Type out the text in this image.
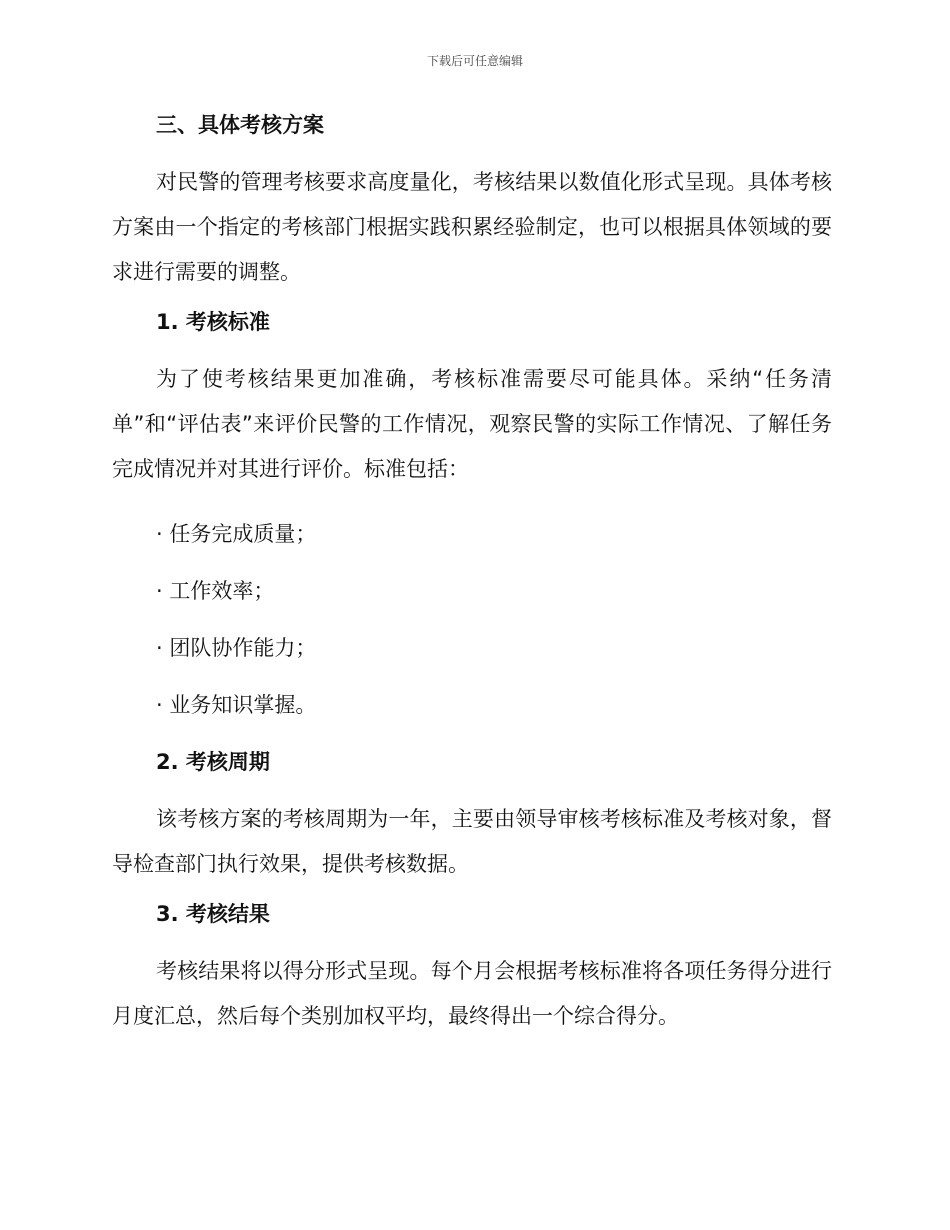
下载后可任意编辑
三、具体考核方案

对民警的管理考核要求高度量化，考核结果以数值化形式呈现。具体考核方案由一个指定的考核部门根据实践积累经验制定，也可以根据具体领域的要求进行需要的调整。

1. 考核标准

为了使考核结果更加准确，考核标准需要尽可能具体。采纳“任务清单”和“评估表”来评价民警的工作情况，观察民警的实际工作情况、了解任务完成情况并对其进行评价。标准包括：

· 任务完成质量；

· 工作效率；

· 团队协作能力；

· 业务知识掌握。

2. 考核周期

该考核方案的考核周期为一年，主要由领导审核考核标准及考核对象，督导检查部门执行效果，提供考核数据。

3. 考核结果

考核结果将以得分形式呈现。每个月会根据考核标准将各项任务得分进行月度汇总，然后每个类别加权平均，最终得出一个综合得分。
